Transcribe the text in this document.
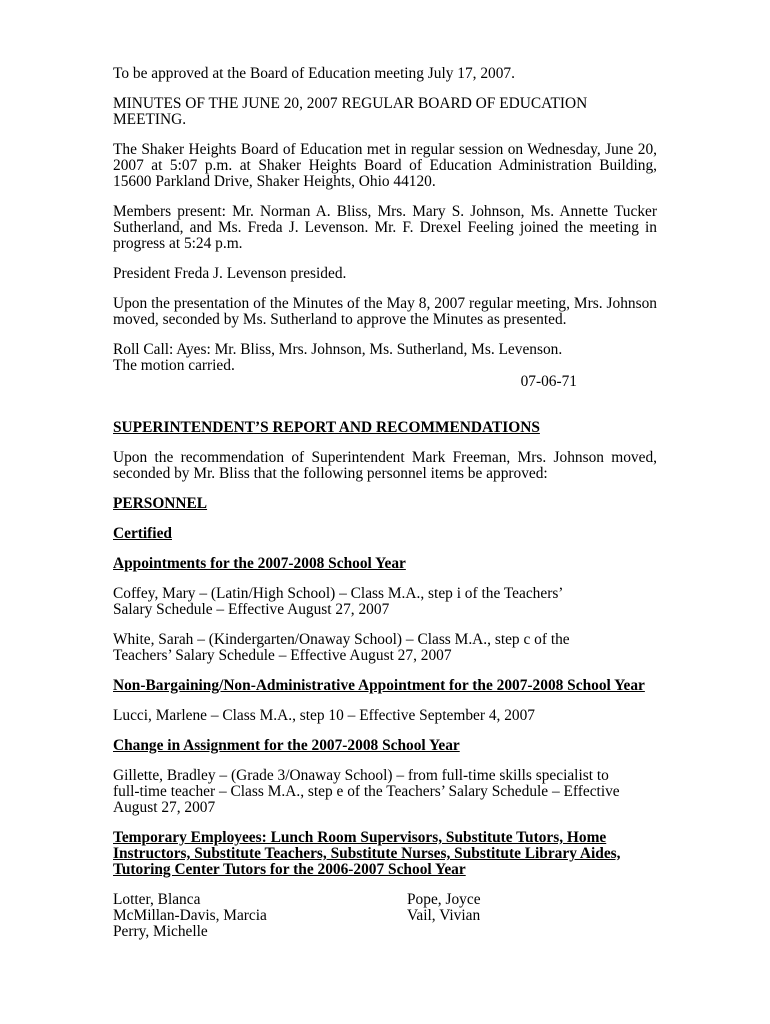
To be approved at the Board of Education meeting July 17, 2007.

MINUTES OF THE JUNE 20, 2007 REGULAR BOARD OF EDUCATION MEETING.

The Shaker Heights Board of Education met in regular session on Wednesday, June 20, 2007 at 5:07 p.m. at Shaker Heights Board of Education Administration Building, 15600 Parkland Drive, Shaker Heights, Ohio 44120.

Members present: Mr. Norman A. Bliss, Mrs. Mary S. Johnson, Ms. Annette Tucker Sutherland, and Ms. Freda J. Levenson. Mr. F. Drexel Feeling joined the meeting in progress at 5:24 p.m.

President Freda J. Levenson presided.

Upon the presentation of the Minutes of the May 8, 2007 regular meeting, Mrs. Johnson moved, seconded by Ms. Sutherland to approve the Minutes as presented.

Roll Call: Ayes: Mr. Bliss, Mrs. Johnson, Ms. Sutherland, Ms. Levenson.

The motion carried.

07-06-71

SUPERINTENDENT’S REPORT AND RECOMMENDATIONS

Upon the recommendation of Superintendent Mark Freeman, Mrs. Johnson moved, seconded by Mr. Bliss that the following personnel items be approved:

PERSONNEL

Certified

Appointments for the 2007-2008 School Year

Coffey, Mary – (Latin/High School) – Class M.A., step i of the Teachers’ Salary Schedule – Effective August 27, 2007

White, Sarah – (Kindergarten/Onaway School) – Class M.A., step c of the Teachers’ Salary Schedule – Effective August 27, 2007

Non-Bargaining/Non-Administrative Appointment for the 2007-2008 School Year

Lucci, Marlene – Class M.A., step 10 – Effective September 4, 2007

Change in Assignment for the 2007-2008 School Year

Gillette, Bradley – (Grade 3/Onaway School) – from full-time skills specialist to full-time teacher – Class M.A., step e of the Teachers’ Salary Schedule – Effective August 27, 2007

Temporary Employees: Lunch Room Supervisors, Substitute Tutors, Home Instructors, Substitute Teachers, Substitute Nurses, Substitute Library Aides, Tutoring Center Tutors for the 2006-2007 School Year

Lotter, Blanca
McMillan-Davis, Marcia
Perry, Michelle
Pope, Joyce
Vail, Vivian
